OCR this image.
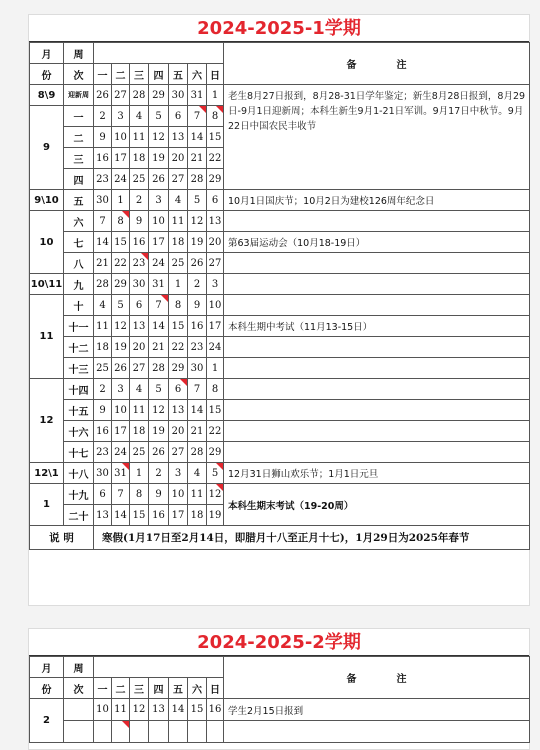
2024-2025-1学期
月	周								备　　　　注
份	次	一	二	三	四	五	六	日	
8\9	迎新周	26	27	28	29	30	31	1	老生8月27日报到，8月28-31日学年鉴定；新生8月28日报到，8月29日-9月1日迎新周；本科生新生9月1-21日军训。9月17日中秋节。9月22日中国农民丰收节
9	一	2	3	4	5	6	7	8	
	二	9	10	11	12	13	14	15	
	三	16	17	18	19	20	21	22	
	四	23	24	25	26	27	28	29	
9\10	五	30	1	2	3	4	5	6	10月1日国庆节；10月2日为建校126周年纪念日
10	六	7	8	9	10	11	12	13	
	七	14	15	16	17	18	19	20	第63届运动会（10月18-19日）
	八	21	22	23	24	25	26	27	
10\11	九	28	29	30	31	1	2	3	
11	十	4	5	6	7	8	9	10	
	十一	11	12	13	14	15	16	17	本科生期中考试（11月13-15日）
	十二	18	19	20	21	22	23	24	
	十三	25	26	27	28	29	30	1	
12	十四	2	3	4	5	6	7	8	
	十五	9	10	11	12	13	14	15	
	十六	16	17	18	19	20	21	22	
	十七	23	24	25	26	27	28	29	
12\1	十八	30	31	1	2	3	4	5	12月31日狮山欢乐节；1月1日元旦
1	十九	6	7	8	9	10	11	12	本科生期末考试（19-20周）
	二十	13	14	15	16	17	18	19	
说 明		寒假(1月17日至2月14日，即腊月十八至正月十七)，1月29日为2025年春节							
2024-2025-2学期
月	周								备　　　　注
份	次	一	二	三	四	五	六	日	
2		10	11	12	13	14	15	16	学生2月15日报到
